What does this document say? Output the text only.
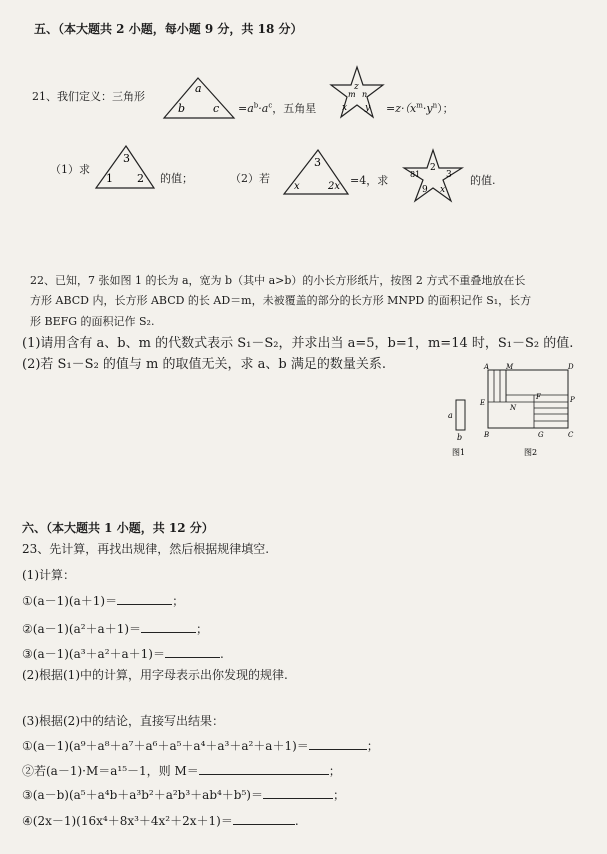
五、（本大题共 2 小题，每小题 9 分，共 18 分）
21、我们定义：三角形
a
b	$c =a^b\cdot a^c$，五角星
z
x y
m n
$=z\cdot(x^m\cdot y^n)$；
（1）求
3
1 2 的值；	（2）若
3
x	2x =4，求
2
81	3
9 x
的值.
22、已知，7 张如图 1 的长为 a，宽为 b（其中 a>b）的小长方形纸片，按图 2 方式不重叠地放在长
方形 ABCD 内，长方形 ABCD 的长 AD＝m，未被覆盖的部分的长方形 MNPD 的面积记作 S₁，长方
形 BEFG 的面积记作 S₂.
(1)请用含有 a、b、m 的代数式表示 S₁－S₂，并求出当 a=5，b=1，m=14 时，S₁－S₂ 的值.
(2)若 S₁－S₂ 的值与 m 的取值无关，求 a、b 满足的数量关系.
a
b
图1
A M	D
E
N
F	P
B	G	C
图2
六、（本大题共 1 小题，共 12 分）
23、先计算，再找出规律，然后根据规律填空.
(1)计算：
①(a－1)(a＋1)＝	；
②(a－1)(a²＋a＋1)＝	；
③(a－1)(a³＋a²＋a＋1)＝	.
(2)根据(1)中的计算，用字母表示出你发现的规律.
(3)根据(2)中的结论，直接写出结果：
①(a－1)(a⁹＋a⁸＋a⁷＋a⁶＋a⁵＋a⁴＋a³＋a²＋a＋1)＝	；
②若(a－1)·M＝a¹⁵－1，则 M＝	；
③(a－b)(a⁵＋a⁴b＋a³b²＋a²b³＋ab⁴＋b⁵)＝	；
④(2x－1)(16x⁴＋8x³＋4x²＋2x＋1)＝	.
